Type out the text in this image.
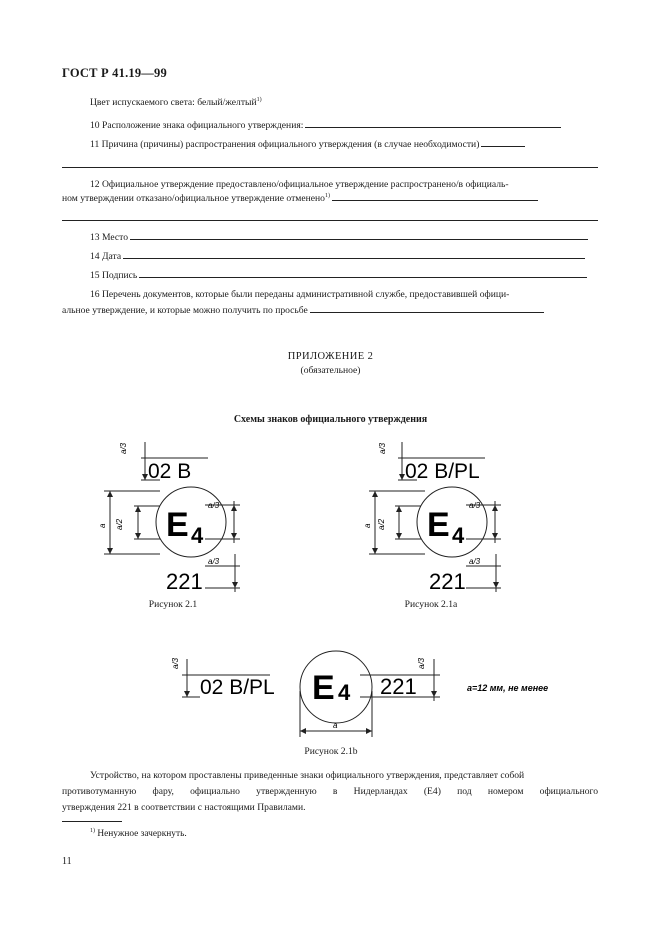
ГОСТ Р 41.19—99
Цвет испускаемого света: белый/желтый$^{1)}$
10 Расположение знака официального утверждения:
11 Причина (причины) распространения официального утверждения (в случае необходимости)
12 Официальное утверждение предоставлено/официальное утверждение распространено/в официаль-
ном утверждении отказано/официальное утверждение отменено$^{1)}$
13 Место
14 Дата
15 Подпись
16 Перечень документов, которые были переданы административной службе, предоставившей офици-
альное утверждение, и которые можно получить по просьбе
ПРИЛОЖЕНИЕ 2
(обязательное)
Схемы знаков официального утверждения
a/3
a a/2
a/3
a/3
02 B
E 4
221
Рисунок 2.1
a/3
a a/2
a/3
a/3
02 B/PL
E 4
221
Рисунок 2.1a
a/3	a/3
a
02 B/PL E 4 221	a=12 мм, не менее
Рисунок 2.1b
Устройство, на котором проставлены приведенные знаки официального утверждения, представляет собой
противотуманную фару, официально утвержденную в Нидерландах (E4) под номером официального
утверждения 221 в соответствии с настоящими Правилами.
$^{1)}$ Ненужное зачеркнуть.
11
